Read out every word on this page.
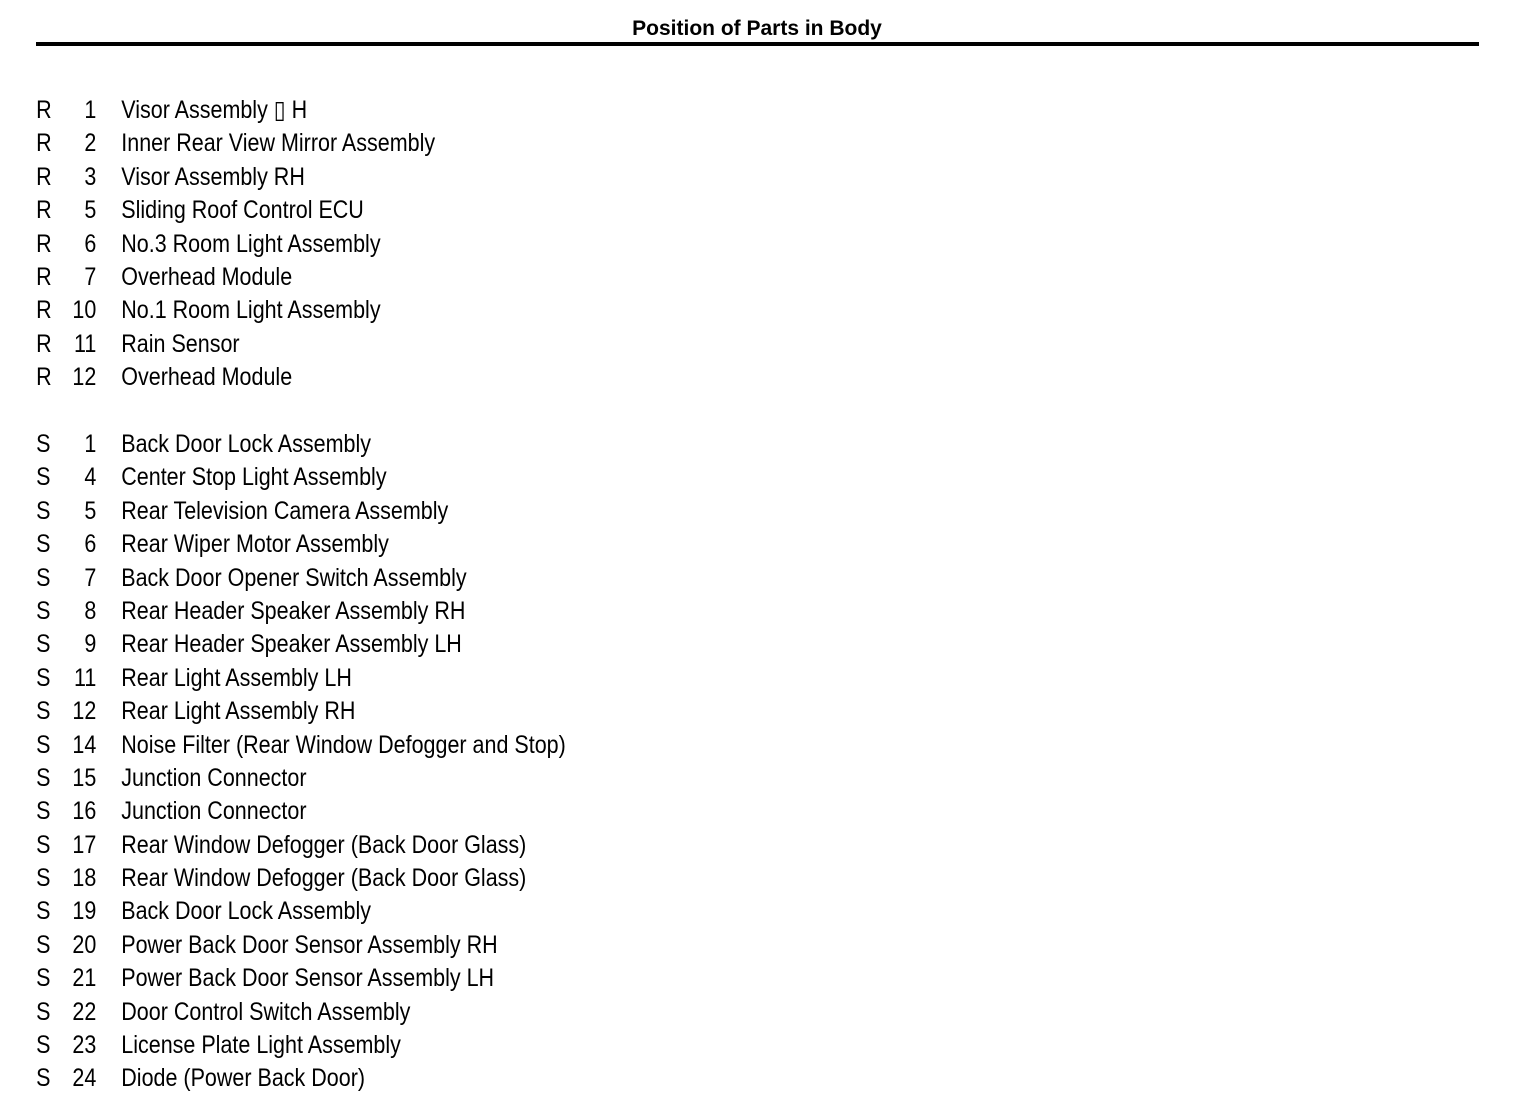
Position of Parts in Body
R	1 Visor Assembly ▯ H
R	2 Inner Rear View Mirror Assembly
R	3 Visor Assembly RH
R	5 Sliding Roof Control ECU
R	6 No.3 Room Light Assembly
R	7 Overhead Module
R 10 No.1 Room Light Assembly
R 11 Rain Sensor
R 12 Overhead Module
S	1 Back Door Lock Assembly
S	4 Center Stop Light Assembly
S	5 Rear Television Camera Assembly
S	6 Rear Wiper Motor Assembly
S	7 Back Door Opener Switch Assembly
S	8 Rear Header Speaker Assembly RH
S	9 Rear Header Speaker Assembly LH
S 11 Rear Light Assembly LH
S 12 Rear Light Assembly RH
S 14 Noise Filter (Rear Window Defogger and Stop)
S 15 Junction Connector
S 16 Junction Connector
S 17 Rear Window Defogger (Back Door Glass)
S 18 Rear Window Defogger (Back Door Glass)
S 19 Back Door Lock Assembly
S 20 Power Back Door Sensor Assembly RH
S 21 Power Back Door Sensor Assembly LH
S 22 Door Control Switch Assembly
S 23 License Plate Light Assembly
S 24 Diode (Power Back Door)
